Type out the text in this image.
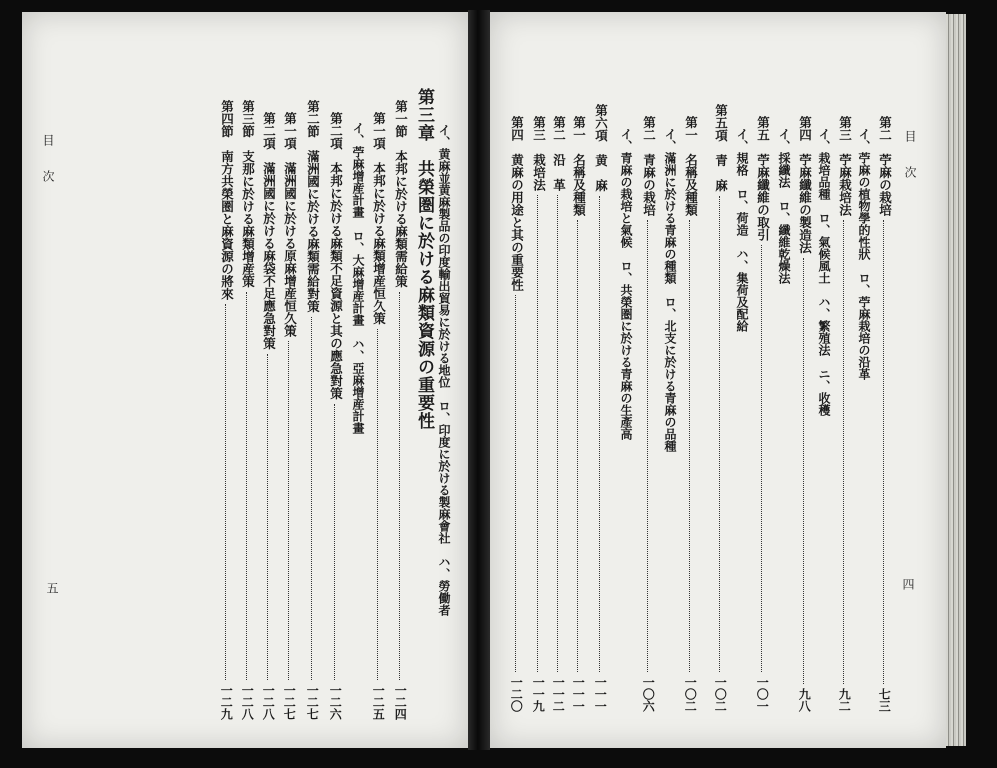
目次
五	イ、黄麻並黄麻製品の印度輸出貿易に於ける地位　ロ、印度に於ける製麻會社　ハ、勞働者
第三章　共榮圏に於ける麻類資源の重要性
第一節　本邦に於ける麻類需給策
一二四
第一項　本邦に於ける麻類增産恒久策
一二五
イ、苧麻增産計畫　ロ、大麻增産計畫　ハ、亞麻增産計畫
第二項　本邦に於ける麻類不足資源と其の應急對策
一二六
第二節　滿洲國に於ける麻類需給對策
一二七
第一項　滿洲國に於ける原麻增産恒久策
一二七
第二項　滿洲國に於ける麻袋不足應急對策
一二八
第三節　支那に於ける麻類增産策
一二八
第四節　南方共榮圏と麻資源の將來
一二九
目次
四
第二　苧麻の栽培
七三
イ、苧麻の植物學的性狀　ロ、苧麻栽培の沿革
第三　苧麻栽培法
九二
イ、栽培品種　ロ、氣候風土　ハ、繁殖法　ニ、收穫
第四　苧麻纖維の製造法
九八
イ、採纖法　ロ、纖維乾燥法
第五　苧麻纖維の取引
一〇一
イ、規格　ロ、荷造　ハ、集荷及配給
第五項　青　麻
一〇二
第一　名稱及種類
一〇二
イ、滿洲に於ける青麻の種類　ロ、北支に於ける青麻の品種
第二　青麻の栽培
一〇六
イ、青麻の栽培と氣候　ロ、共榮圏に於ける青麻の生產高
第六項　黄　麻
一一一
第一　名稱及種類
一一一
第二　沿　革
一一二
第三　栽培法
一一九
第四　黄麻の用途と其の重要性
一二〇
